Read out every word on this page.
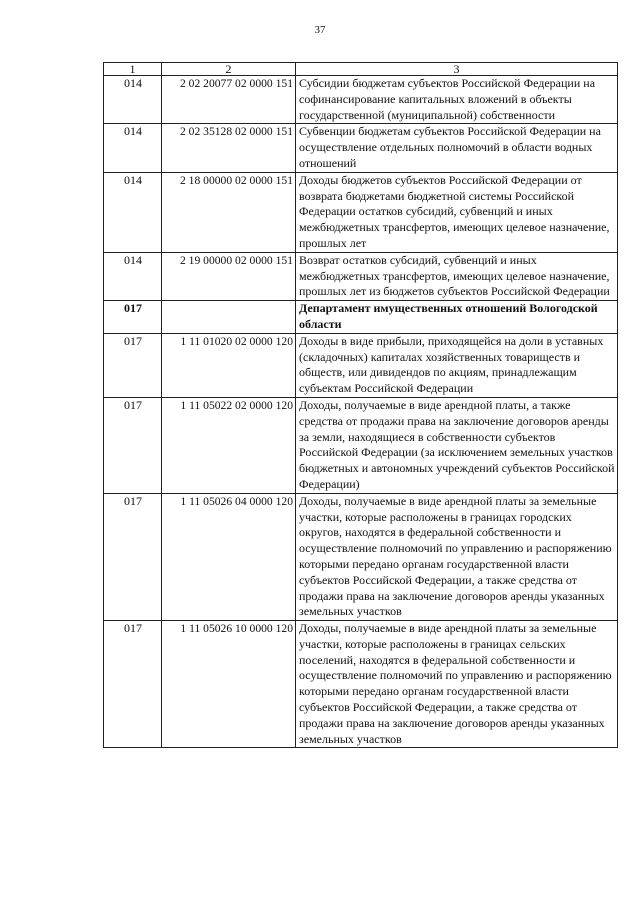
37
1	2	3
014	2 02 20077 02 0000 151	Субсидии бюджетам субъектов Российской Федерации на софинансирование капитальных вложений в объекты государственной (муниципальной) собственности
014	2 02 35128 02 0000 151	Субвенции бюджетам субъектов Российской Федерации на осуществление отдельных полномочий в области водных отношений
014	2 18 00000 02 0000 151	Доходы бюджетов субъектов Российской Федерации от возврата бюджетами бюджетной системы Российской Федерации остатков субсидий, субвенций и иных межбюджетных трансфертов, имеющих целевое назначение, прошлых лет
014	2 19 00000 02 0000 151	Возврат остатков субсидий, субвенций и иных межбюджетных трансфертов, имеющих целевое назначение, прошлых лет из бюджетов субъектов Российской Федерации
017		Департамент имущественных отношений Вологодской области
017	1 11 01020 02 0000 120	Доходы в виде прибыли, приходящейся на доли в уставных (складочных) капиталах хозяйственных товариществ и обществ, или дивидендов по акциям, принадлежащим субъектам Российской Федерации
017	1 11 05022 02 0000 120	Доходы, получаемые в виде арендной платы, а также средства от продажи права на заключение договоров аренды за земли, находящиеся в собственности субъектов Российской Федерации (за исключением земельных участков бюджетных и автономных учреждений субъектов Российской Федерации)
017	1 11 05026 04 0000 120	Доходы, получаемые в виде арендной платы за земельные участки, которые расположены в границах городских округов, находятся в федеральной собственности и осуществление полномочий по управлению и распоряжению которыми передано органам государственной власти субъектов Российской Федерации, а также средства от продажи права на заключение договоров аренды указанных земельных участков
017	1 11 05026 10 0000 120	Доходы, получаемые в виде арендной платы за земельные участки, которые расположены в границах сельских поселений, находятся в федеральной собственности и осуществление полномочий по управлению и распоряжению которыми передано органам государственной власти субъектов Российской Федерации, а также средства от продажи права на заключение договоров аренды указанных земельных участков
